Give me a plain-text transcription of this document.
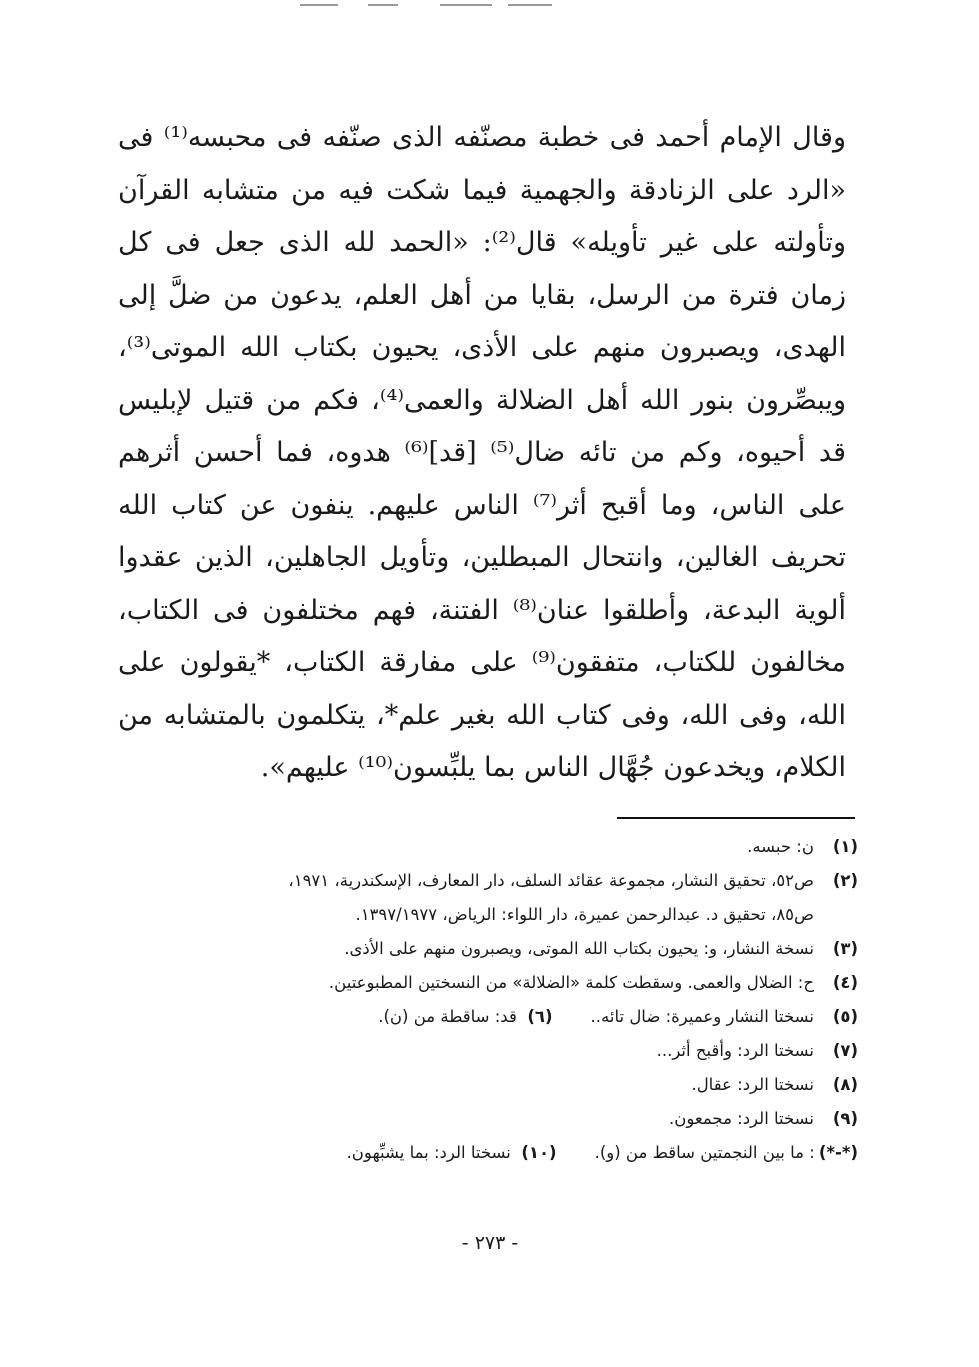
وقال الإمام أحمد فى خطبة مصنّفه الذى صنّفه فى محبسه⁽¹⁾ فى «الرد على الزنادقة والجهمية فيما شكت فيه من متشابه القرآن وتأولته على غير تأويله» قال⁽²⁾: «الحمد لله الذى جعل فى كل زمان فترة من الرسل، بقايا من أهل العلم، يدعون من ضلَّ إلى الهدى، ويصبرون منهم على الأذى، يحيون بكتاب الله الموتى⁽³⁾، ويبصِّرون بنور الله أهل الضلالة والعمى⁽⁴⁾، فكم من قتيل لإبليس قد أحيوه، وكم من تائه ضال⁽⁵⁾ [قد]⁽⁶⁾ هدوه، فما أحسن أثرهم على الناس، وما أقبح أثر⁽⁷⁾ الناس عليهم. ينفون عن كتاب الله تحريف الغالين، وانتحال المبطلين، وتأويل الجاهلين، الذين عقدوا ألوية البدعة، وأطلقوا عنان⁽⁸⁾ الفتنة، فهم مختلفون فى الكتاب، مخالفون للكتاب، متفقون⁽⁹⁾ على مفارقة الكتاب، *يقولون على الله، وفى الله، وفى كتاب الله بغير علم*، يتكلمون بالمتشابه من الكلام، ويخدعون جُهَّال الناس بما يلبِّسون⁽¹⁰⁾ عليهم».

(١)
ن: حبسه.
(٢)
ص٥٢، تحقيق النشار، مجموعة عقائد السلف، دار المعارف، الإسكندرية، ١٩٧١،
ص٨٥، تحقيق د. عبدالرحمن عميرة، دار اللواء: الرياض، ١٣٩٧/١٩٧٧.
(٣)
نسخة النشار، و: يحيون بكتاب الله الموتى، ويصبرون منهم على الأذى.
(٤)
ح: الضلال والعمى. وسقطت كلمة «الضلالة» من النسختين المطبوعتين.
(٥)
نسختا النشار وعميرة: ضال تائه..(٦)  قد: ساقطة من (ن).
(٧)
نسختا الرد: وأقبح أثر...
(٨)
نسختا الرد: عقال.
(٩)
نسختا الرد: مجمعون.
(*-*)
: ما بين النجمتين ساقط من (و).(١٠)  نسختا الرد: بما يشبِّهون.
- ٢٧٣ -
